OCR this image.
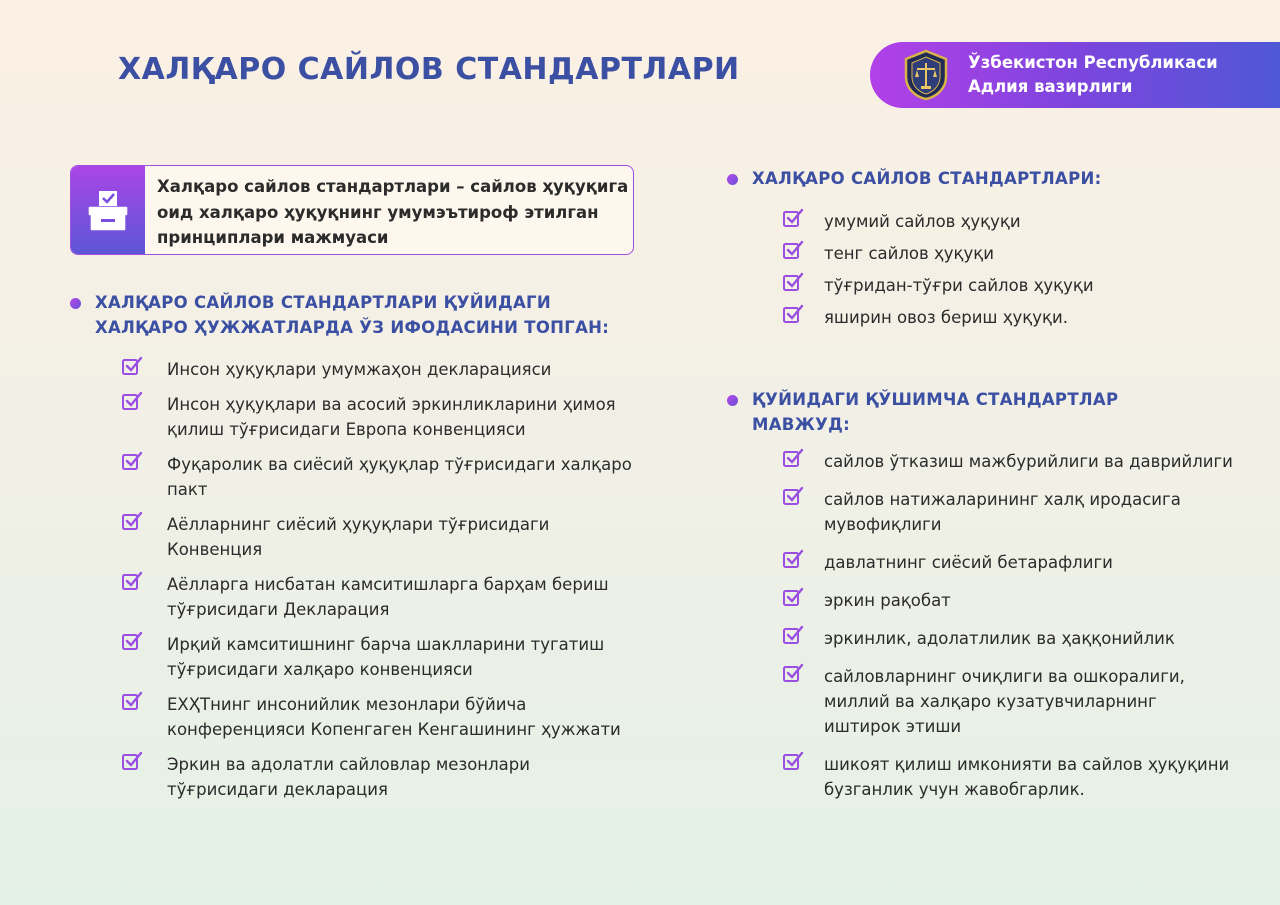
ХАЛҚАРО САЙЛОВ СТАНДАРТЛАРИ	Ўзбекистон Республикаси
Адлия вазирлиги
Халқаро сайлов стандартлари – сайлов ҳуқуқига оид халқаро ҳуқуқнинг умумэътироф этилган принциплари мажмуаси
ХАЛҚАРО САЙЛОВ СТАНДАРТЛАРИ ҚУЙИДАГИ
ХАЛҚАРО ҲУЖЖАТЛАРДА ЎЗ ИФОДАСИНИ ТОПГАН:
Инсон ҳуқуқлари умумжаҳон декларацияси
Инсон ҳуқуқлари ва асосий эркинликларини ҳимоя қилиш тўғрисидаги Европа конвенцияси
Фуқаролик ва сиёсий ҳуқуқлар тўғрисидаги халқаро пакт
Аёлларнинг сиёсий ҳуқуқлари тўғрисидаги Конвенция
Аёлларга нисбатан камситишларга барҳам бериш тўғрисидаги Декларация
Ирқий камситишнинг барча шаклларини тугатиш тўғрисидаги халқаро конвенцияси
ЕХҲТнинг инсонийлик мезонлари бўйича конференцияси Копенгаген Кенгашининг ҳужжати
Эркин ва адолатли сайловлар мезонлари тўғрисидаги декларация
ХАЛҚАРО САЙЛОВ СТАНДАРТЛАРИ:
умумий сайлов ҳуқуқи
тенг сайлов ҳуқуқи
тўғридан-тўғри сайлов ҳуқуқи
яширин овоз бериш ҳуқуқи.
ҚУЙИДАГИ ҚЎШИМЧА СТАНДАРТЛАР
МАВЖУД:
сайлов ўтказиш мажбурийлиги ва даврийлиги
сайлов натижаларининг халқ иродасига мувофиқлиги
давлатнинг сиёсий бетарафлиги
эркин рақобат
эркинлик, адолатлилик ва ҳаққонийлик
сайловларнинг очиқлиги ва ошкоралиги, миллий ва халқаро кузатувчиларнинг иштирок этиши
шикоят қилиш имконияти ва сайлов ҳуқуқини бузганлик учун жавобгарлик.
